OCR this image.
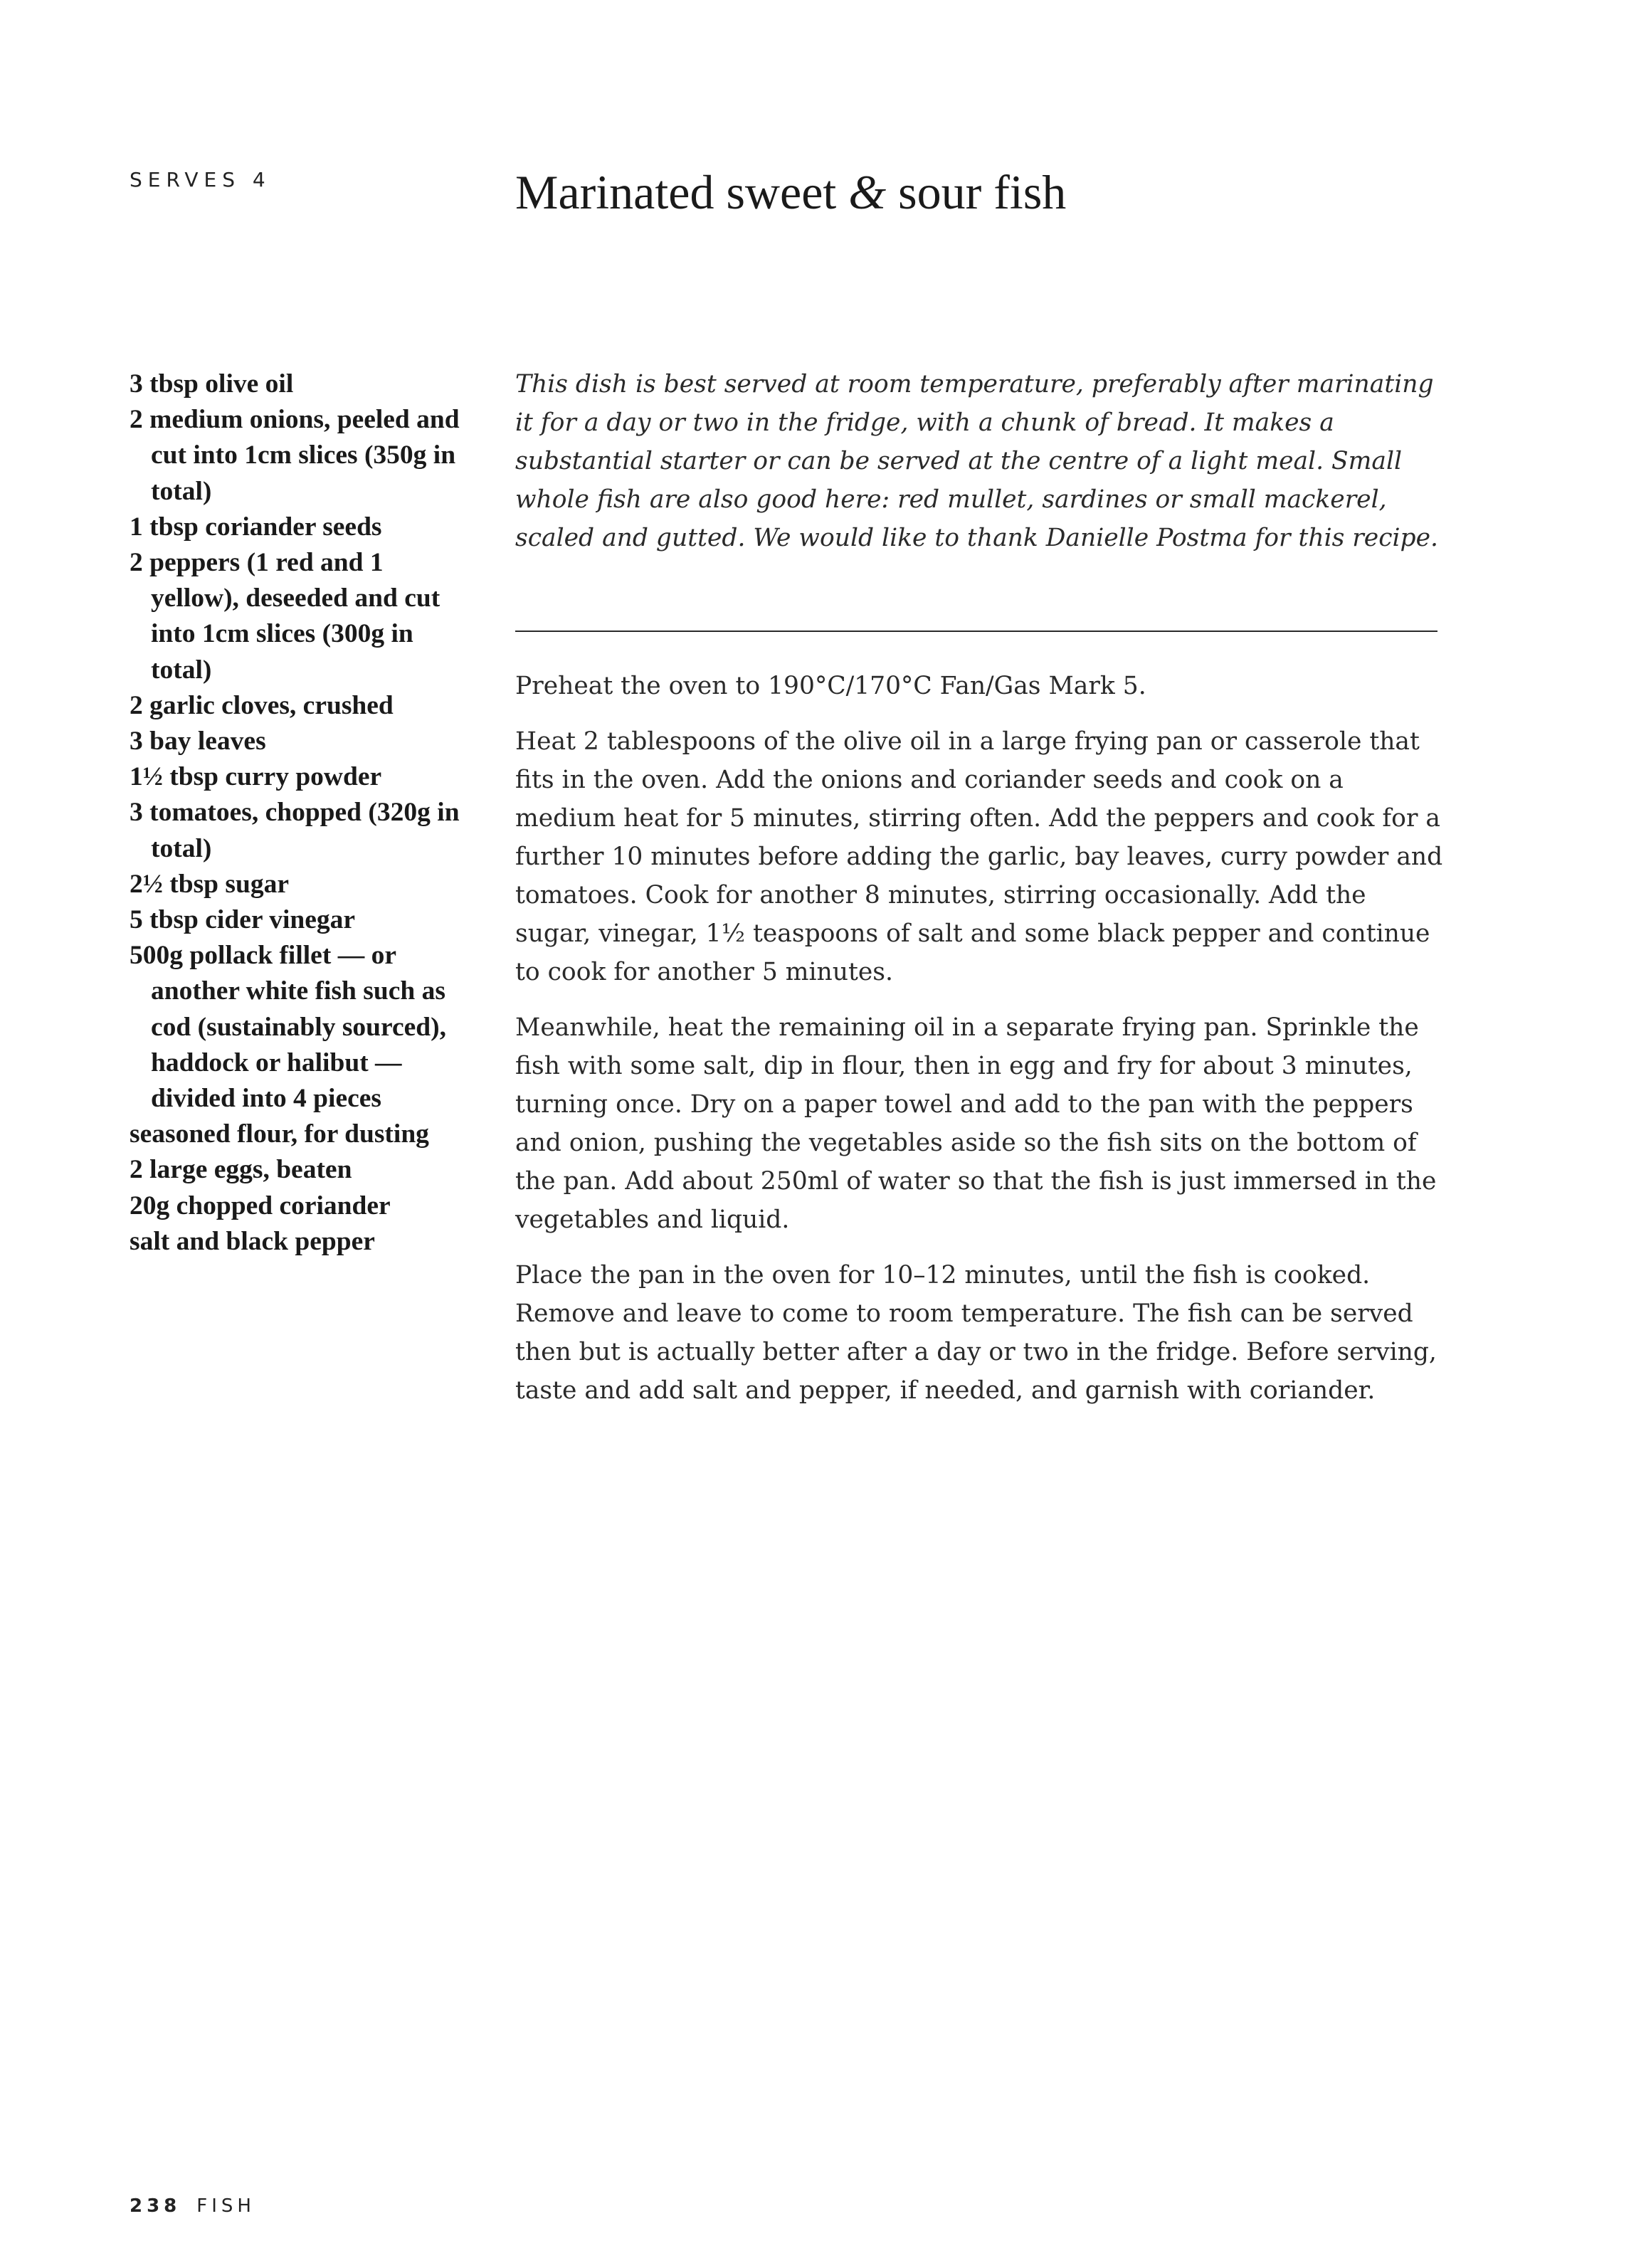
SERVES 4	Marinated sweet & sour fish
3 tbsp olive oil
2 medium onions, peeled and cut into 1cm slices (350g in total)
1 tbsp coriander seeds
2 peppers (1 red and 1 yellow), deseeded and cut into 1cm slices (300g in total)
2 garlic cloves, crushed
3 bay leaves
1½ tbsp curry powder
3 tomatoes, chopped (320g in total)
2½ tbsp sugar
5 tbsp cider vinegar
500g pollack fillet — or another white fish such as cod (sustainably sourced), haddock or halibut — divided into 4 pieces
seasoned flour, for dusting
2 large eggs, beaten
20g chopped coriander
salt and black pepper

This dish is best served at room temperature, preferably after marinating it for a day or two in the fridge, with a chunk of bread. It makes a substantial starter or can be served at the centre of a light meal. Small whole fish are also good here: red mullet, sardines or small mackerel, scaled and gutted. We would like to thank Danielle Postma for this recipe.

Preheat the oven to 190°C/170°C Fan/Gas Mark 5.

Heat 2 tablespoons of the olive oil in a large frying pan or casserole that fits in the oven. Add the onions and coriander seeds and cook on a medium heat for 5 minutes, stirring often. Add the peppers and cook for a further 10 minutes before adding the garlic, bay leaves, curry powder and tomatoes. Cook for another 8 minutes, stirring occasionally. Add the sugar, vinegar, 1½ teaspoons of salt and some black pepper and continue to cook for another 5 minutes.

Meanwhile, heat the remaining oil in a separate frying pan. Sprinkle the fish with some salt, dip in flour, then in egg and fry for about 3 minutes, turning once. Dry on a paper towel and add to the pan with the peppers and onion, pushing the vegetables aside so the fish sits on the bottom of the pan. Add about 250ml of water so that the fish is just immersed in the vegetables and liquid.

Place the pan in the oven for 10–12 minutes, until the fish is cooked. Remove and leave to come to room temperature. The fish can be served then but is actually better after a day or two in the fridge. Before serving, taste and add salt and pepper, if needed, and garnish with coriander.

238 FISH
